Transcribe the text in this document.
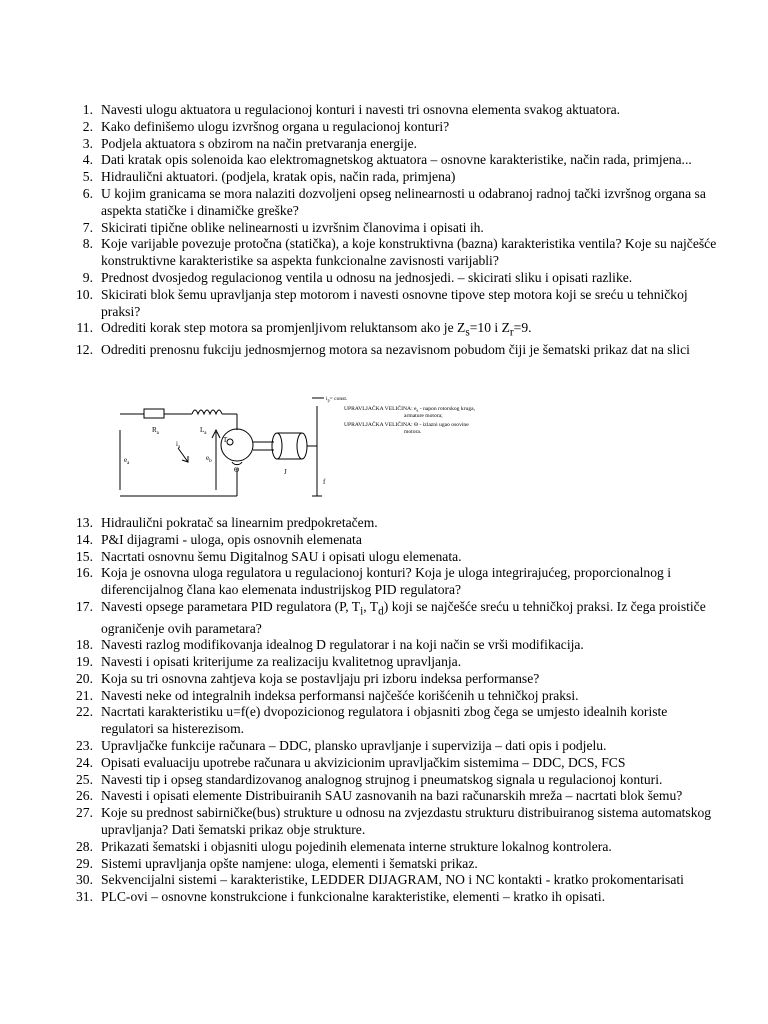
1. Navesti ulogu aktuatora u regulacionoj konturi i navesti tri osnovna elementa svakog aktuatora.
2. Kako definišemo ulogu izvršnog organa u regulacionoj konturi?
3. Podjela aktuatora s obzirom na način pretvaranja energije.
4. Dati kratak opis solenoida kao elektromagnetskog aktuatora – osnovne karakteristike, način rada, primjena...
5. Hidraulični aktuatori. (podjela, kratak opis, način rada, primjena)
6. U kojim granicama se mora nalaziti dozvoljeni opseg nelinearnosti u odabranoj radnoj tački izvršnog organa sa aspekta statičke i dinamičke greške?
7. Skicirati tipične oblike nelinearnosti u izvršnim članovima i opisati ih.
8. Koje varijable povezuje protočna (statička), a koje konstruktivna (bazna) karakteristika ventila? Koje su najčešće konstruktivne karakteristike sa aspekta funkcionalne zavisnosti varijabli?
9. Prednost dvosjedog regulacionog ventila u odnosu na jednosjedi. – skicirati sliku i opisati razlike.
10. Skicirati blok šemu upravljanja step motorom i navesti osnovne tipove step motora koji se sreću u tehničkoj praksi?
11. Odrediti korak step motora sa promjenljivom reluktansom ako je $Z_s=10$ i $Z_r=9$.
12. Odrediti prenosnu fukciju jednosmjernog motora sa nezavisnom pobudom čiji je šematski prikaz dat na slici
$R_a$	$L_a$
$e_a$
$i_a$
$e_b$
T
J
f
Θ
$i_p=$ const.
UPRAVLJAČKA VELIČINA: $e_a$ - napon rotorskog kruga,
armature motora;
UPRAVLJAČKA VELIČINA: Θ - izlazni ugao osovine
motora.
13. Hidraulični pokratač sa linearnim predpokretačem.
14. P&I dijagrami - uloga, opis osnovnih elemenata
15. Nacrtati osnovnu šemu Digitalnog SAU i opisati ulogu elemenata.
16. Koja je osnovna uloga regulatora u regulacionoj konturi? Koja je uloga integrirajućeg, proporcionalnog i diferencijalnog člana kao elemenata industrijskog PID regulatora?
17. Navesti opsege parametara PID regulatora (P, $T_i$, $T_d$) koji se najčešće sreću u tehničkoj praksi. Iz čega proističe ograničenje ovih parametara?
18. Navesti razlog modifikovanja idealnog D regulatorar i na koji način se vrši modifikacija.
19. Navesti i opisati kriterijume za realizaciju kvalitetnog upravljanja.
20. Koja su tri osnovna zahtjeva koja se postavljaju pri izboru indeksa performanse?
21. Navesti neke od integralnih indeksa performansi najčešće korišćenih u tehničkoj praksi.
22. Nacrtati karakteristiku u=f(e) dvopozicionog regulatora i objasniti zbog čega se umjesto idealnih koriste regulatori sa histerezisom.
23. Upravljačke funkcije računara – DDC, plansko upravljanje i supervizija – dati opis i podjelu.
24. Opisati evaluaciju upotrebe računara u akvizicionim upravljačkim sistemima – DDC, DCS, FCS
25. Navesti tip i opseg standardizovanog analognog strujnog i pneumatskog signala u regulacionoj konturi.
26. Navesti i opisati elemente Distribuiranih SAU zasnovanih na bazi računarskih mreža – nacrtati blok šemu?
27. Koje su prednost sabirničke(bus) strukture u odnosu na zvjezdastu strukturu distribuiranog sistema automatskog upravljanja? Dati šematski prikaz obje strukture.
28. Prikazati šematski i objasniti ulogu pojedinih elemenata interne strukture lokalnog kontrolera.
29. Sistemi upravljanja opšte namjene: uloga, elementi i šematski prikaz.
30. Sekvencijalni sistemi – karakteristike, LEDDER DIJAGRAM, NO i NC kontakti - kratko prokomentarisati
31. PLC-ovi – osnovne konstrukcione i funkcionalne karakteristike, elementi – kratko ih opisati.
